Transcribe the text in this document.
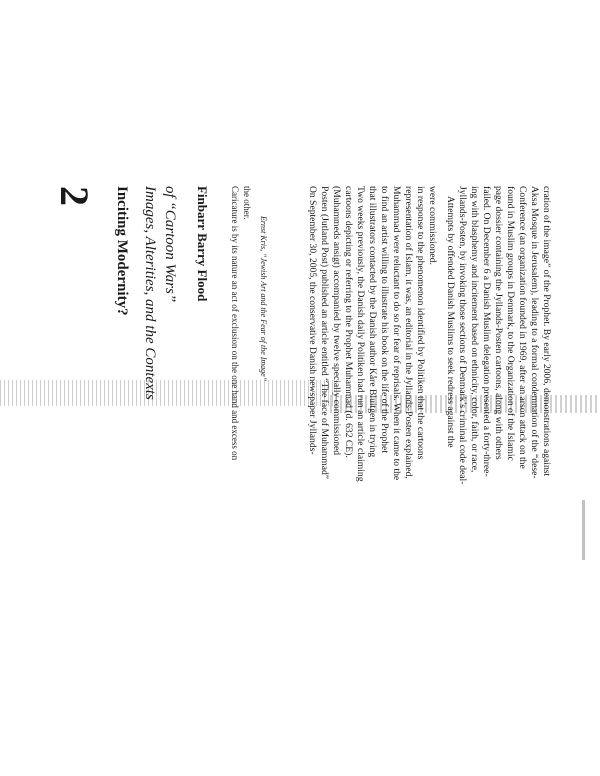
2 Inciting Modernity? Images, Alterities, and the Contexts of “Cartoon Wars” Finbarr Barry Flood Caricature is by its nature an act of exclusion on the one hand and excess on the other.
Ernst Kris, “Jewish Art and the Fear of the Image”	On September 30, 2005, the conservative Danish newspaper Jyllands- Posten (Jutland Post) published an article entitled “The face of Muhammad” (Muhammeds ansigt) accompanied by twelve specially commissioned cartoons depicting or referring to the Prophet Muhammad (d. 632 CE). Two weeks previously, the Danish daily Politiken had run an article claiming that illustrators contacted by the Danish author Kåre Bluitgen in trying to find an artist willing to illustrate his book on the life of the Prophet Muhammad were reluctant to do so for fear of reprisals. When it came to the representation of Islam, it was, an editorial in the Jyllands-Posten explained, in response to the phenomenon identified by Politiken that the cartoons were commissioned. Attempts by offended Danish Muslims to seek redress against the Jyllands-Posten, by invoking those sections of Denmark’s criminal code deal- ing with blasphemy and incitement based on ethnicity, color, faith, or race, failed. On December 6 a Danish Muslim delegation presented a forty-three- page dossier containing the Jyllands-Posten cartoons, along with others found in Muslim groups in Denmark, to the Organization of the Islamic Conference (an organization founded in 1969, after an arson attack on the Aksa Mosque in Jerusalem), leading to a formal condemnation of the “dese- cration of the image” of the Prophet. By early 2006, demonstrations against
